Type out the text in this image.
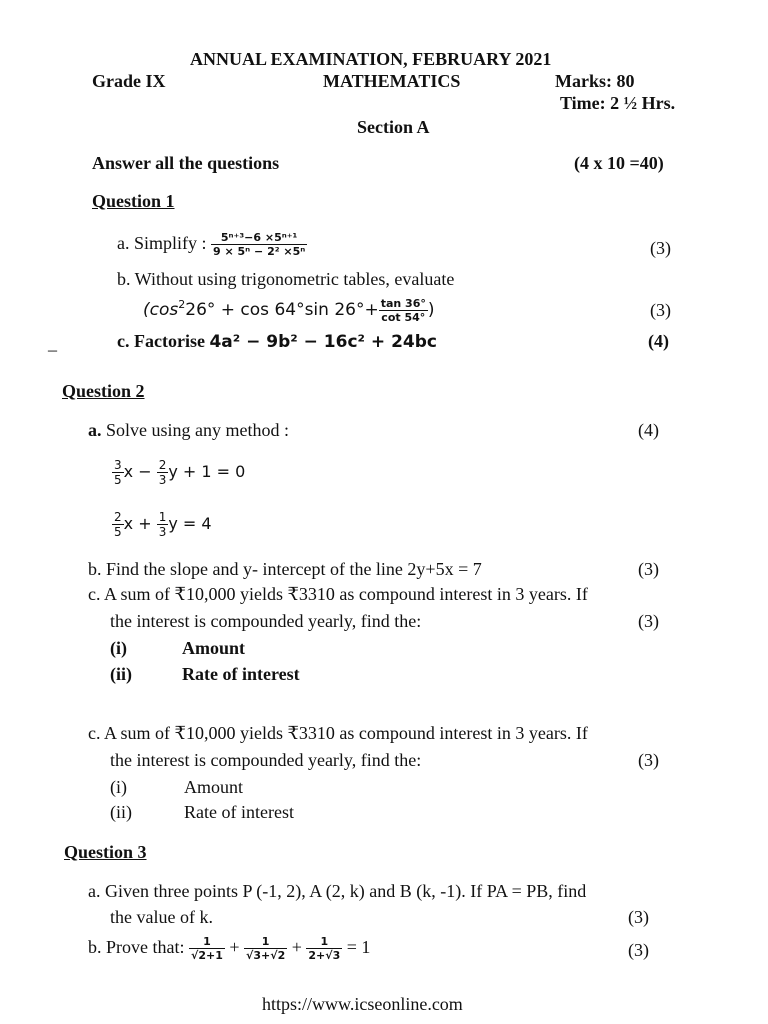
ANNUAL EXAMINATION, FEBRUARY 2021
Grade IX	MATHEMATICS	Marks: 80
Time: 2 ½ Hrs.
Section A
Answer all the questions	(4 x 10 =40)
Question 1
a. Simplify : $\frac{\text{5ⁿ⁺³−6 ×5ⁿ⁺¹}}{\text{9 × 5ⁿ − 2² ×5ⁿ}}$	(3)
b. Without using trigonometric tables, evaluate
($\cos^226^\circ + \cos 64^\circ\sin$ $26^\circ+ \frac{\tan 36^\circ}{\cot 54^\circ}$ )	(3)
c. Factorise 4a² − 9b² − 16c² + 24bc	(4)
_
Question 2
a. Solve using any method :	(4)
$\frac{3}{5}$ $x - \frac{2}{3}$ y + 1 = 0
$\frac{2}{5}$ $x + \frac{1}{3}$ y = 4
b. Find the slope and y- intercept of the line 2y+5x = 7	(3)
c. A sum of ₹10,000 yields ₹3310 as compound interest in 3 years. If
the interest is compounded yearly, find the:	(3)
(i)	Amount
(ii)	Rate of interest
c. A sum of ₹10,000 yields ₹3310 as compound interest in 3 years. If
the interest is compounded yearly, find the:	(3)
(i)	Amount
(ii)	Rate of interest
Question 3
a. Given three points P (-1, 2), A (2, k) and B (k, -1). If PA = PB, find
the value of k.	(3)
b. Prove that: $\frac{1}{√2+1} + \frac{1}{√3+√2} + \frac{1}{2+√3} = 1$	(3)
https://www.icseonline.com
